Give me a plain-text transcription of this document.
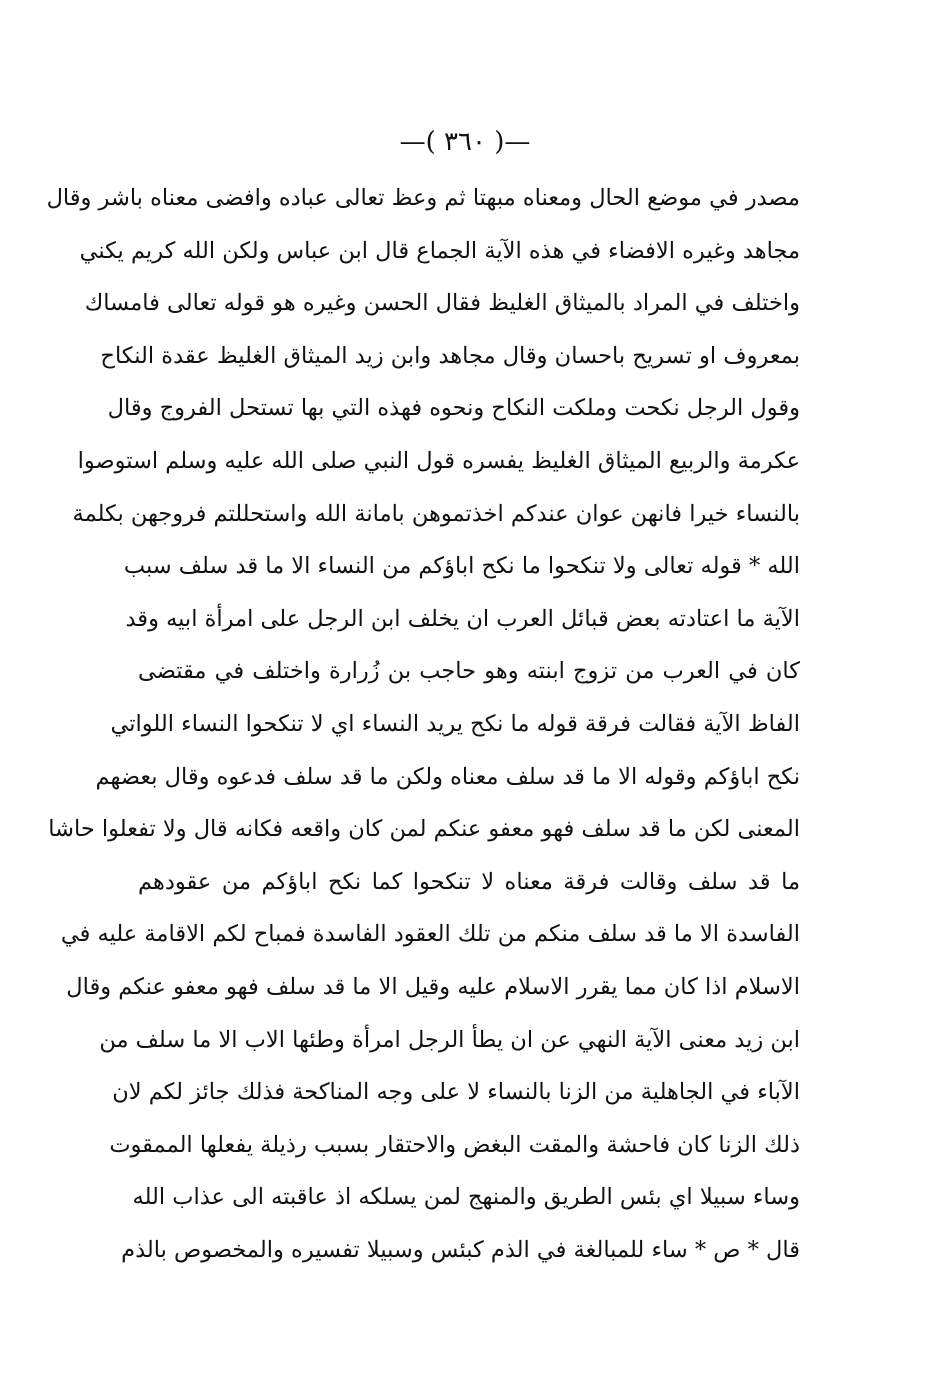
—( ٣٦٠ )—
مصدر في موضع الحال ومعناه مبهتا ثم وعظ تعالى عباده وافضى معناه باشر وقال
مجاهد وغيره الافضاء في هذه الآية الجماع قال ابن عباس ولكن الله كريم يكني
واختلف في المراد بالميثاق الغليظ فقال الحسن وغيره هو قوله تعالى فامساك
بمعروف او تسريح باحسان وقال مجاهد وابن زيد الميثاق الغليظ عقدة النكاح
وقول الرجل نكحت وملكت النكاح ونحوه فهذه التي بها تستحل الفروج وقال
عكرمة والربيع الميثاق الغليظ يفسره قول النبي صلى الله عليه وسلم استوصوا
بالنساء خيرا فانهن عوان عندكم اخذتموهن بامانة الله واستحللتم فروجهن بكلمة
الله * قوله تعالى ولا تنكحوا ما نكح اباؤكم من النساء الا ما قد سلف سبب
الآية ما اعتادته بعض قبائل العرب ان يخلف ابن الرجل على امرأة ابيه وقد
كان في العرب من تزوج ابنته وهو حاجب بن زُرارة واختلف في مقتضى
الفاظ الآية فقالت فرقة قوله ما نكح يريد النساء اي لا تنكحوا النساء اللواتي
نكح اباؤكم وقوله الا ما قد سلف معناه ولكن ما قد سلف فدعوه وقال بعضهم
المعنى لكن ما قد سلف فهو معفو عنكم لمن كان واقعه فكانه قال ولا تفعلوا حاشا
ما قد سلف وقالت فرقة معناه لا تنكحوا كما نكح اباؤكم من عقودهم
الفاسدة الا ما قد سلف منكم من تلك العقود الفاسدة فمباح لكم الاقامة عليه في
الاسلام اذا كان مما يقرر الاسلام عليه وقيل الا ما قد سلف فهو معفو عنكم وقال
ابن زيد معنى الآية النهي عن ان يطأ الرجل امرأة وطئها الاب الا ما سلف من
الآباء في الجاهلية من الزنا بالنساء لا على وجه المناكحة فذلك جائز لكم لان
ذلك الزنا كان فاحشة والمقت البغض والاحتقار بسبب رذيلة يفعلها الممقوت
وساء سبيلا اي بئس الطريق والمنهج لمن يسلكه اذ عاقبته الى عذاب الله
قال * ص * ساء للمبالغة في الذم كبئس وسبيلا تفسيره والمخصوص بالذم
